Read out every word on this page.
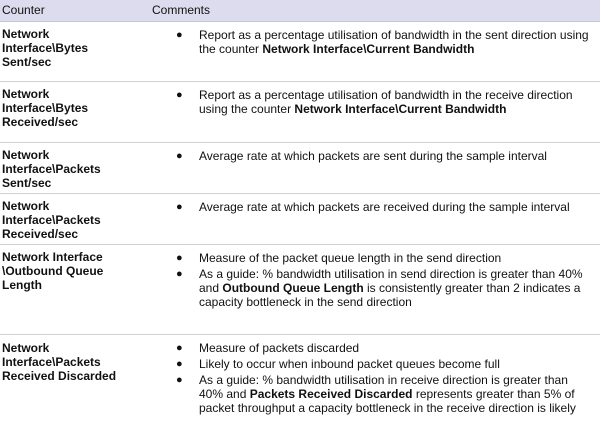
Counter	Comments
Network Interface\Bytes Sent/sec
● Report as a percentage utilisation of bandwidth in the sent direction using the counter Network Interface\Current Bandwidth
Network Interface\Bytes Received/sec
● Report as a percentage utilisation of bandwidth in the receive direction using the counter Network Interface\Current Bandwidth
Network Interface\Packets Sent/sec
● Average rate at which packets are sent during the sample interval
Network Interface\Packets Received/sec
● Average rate at which packets are received during the sample interval
Network Interface \Outbound Queue Length
● Measure of the packet queue length in the send direction
● As a guide: % bandwidth utilisation in send direction is greater than 40% and Outbound Queue Length is consistently greater than 2 indicates a capacity bottleneck in the send direction
Network Interface\Packets Received Discarded
● Measure of packets discarded
● Likely to occur when inbound packet queues become full
● As a guide: % bandwidth utilisation in receive direction is greater than 40% and Packets Received Discarded represents greater than 5% of packet throughput a capacity bottleneck in the receive direction is likely
